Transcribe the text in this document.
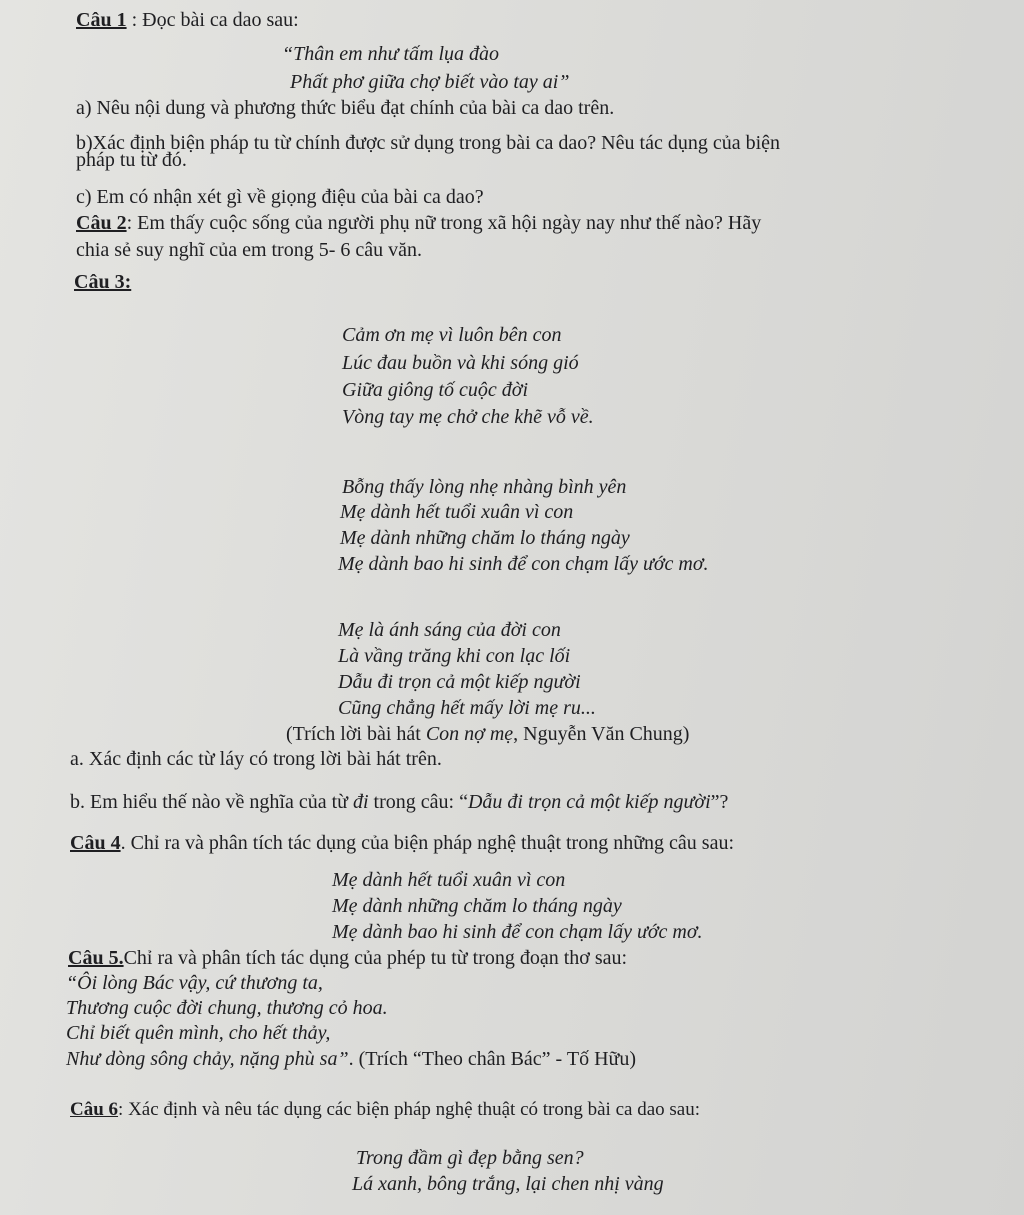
Câu 1 : Đọc bài ca dao sau:
“Thân em như tấm lụa đào
Phất phơ giữa chợ biết vào tay ai”
a) Nêu nội dung và phương thức biểu đạt chính của bài ca dao trên.
b)Xác định biện pháp tu từ chính được sử dụng trong bài ca dao? Nêu tác dụng của biện
pháp tu từ đó.
c) Em có nhận xét gì về giọng điệu của bài ca dao?
Câu 2: Em thấy cuộc sống của người phụ nữ trong xã hội ngày nay như thế nào? Hãy
chia sẻ suy nghĩ của em trong 5- 6 câu văn.
Câu 3:
Cảm ơn mẹ vì luôn bên con
Lúc đau buồn và khi sóng gió
Giữa giông tố cuộc đời
Vòng tay mẹ chở che khẽ vỗ về.
Bỗng thấy lòng nhẹ nhàng bình yên
Mẹ dành hết tuổi xuân vì con
Mẹ dành những chăm lo tháng ngày
Mẹ dành bao hi sinh để con chạm lấy ước mơ.
Mẹ là ánh sáng của đời con
Là vầng trăng khi con lạc lối
Dẫu đi trọn cả một kiếp người
Cũng chẳng hết mấy lời mẹ ru...
(Trích lời bài hát Con nợ mẹ, Nguyễn Văn Chung)
a. Xác định các từ láy có trong lời bài hát trên.
b. Em hiểu thế nào về nghĩa của từ đi trong câu: “Dẫu đi trọn cả một kiếp người”?
Câu 4. Chỉ ra và phân tích tác dụng của biện pháp nghệ thuật trong những câu sau:
Mẹ dành hết tuổi xuân vì con
Mẹ dành những chăm lo tháng ngày
Mẹ dành bao hi sinh để con chạm lấy ước mơ.
Câu 5.Chỉ ra và phân tích tác dụng của phép tu từ trong đoạn thơ sau:
“Ôi lòng Bác vậy, cứ thương ta,
Thương cuộc đời chung, thương cỏ hoa.
Chỉ biết quên mình, cho hết thảy,
Như dòng sông chảy, nặng phù sa”. (Trích “Theo chân Bác” - Tố Hữu)
Câu 6: Xác định và nêu tác dụng các biện pháp nghệ thuật có trong bài ca dao sau:
Trong đầm gì đẹp bằng sen?
Lá xanh, bông trắng, lại chen nhị vàng
